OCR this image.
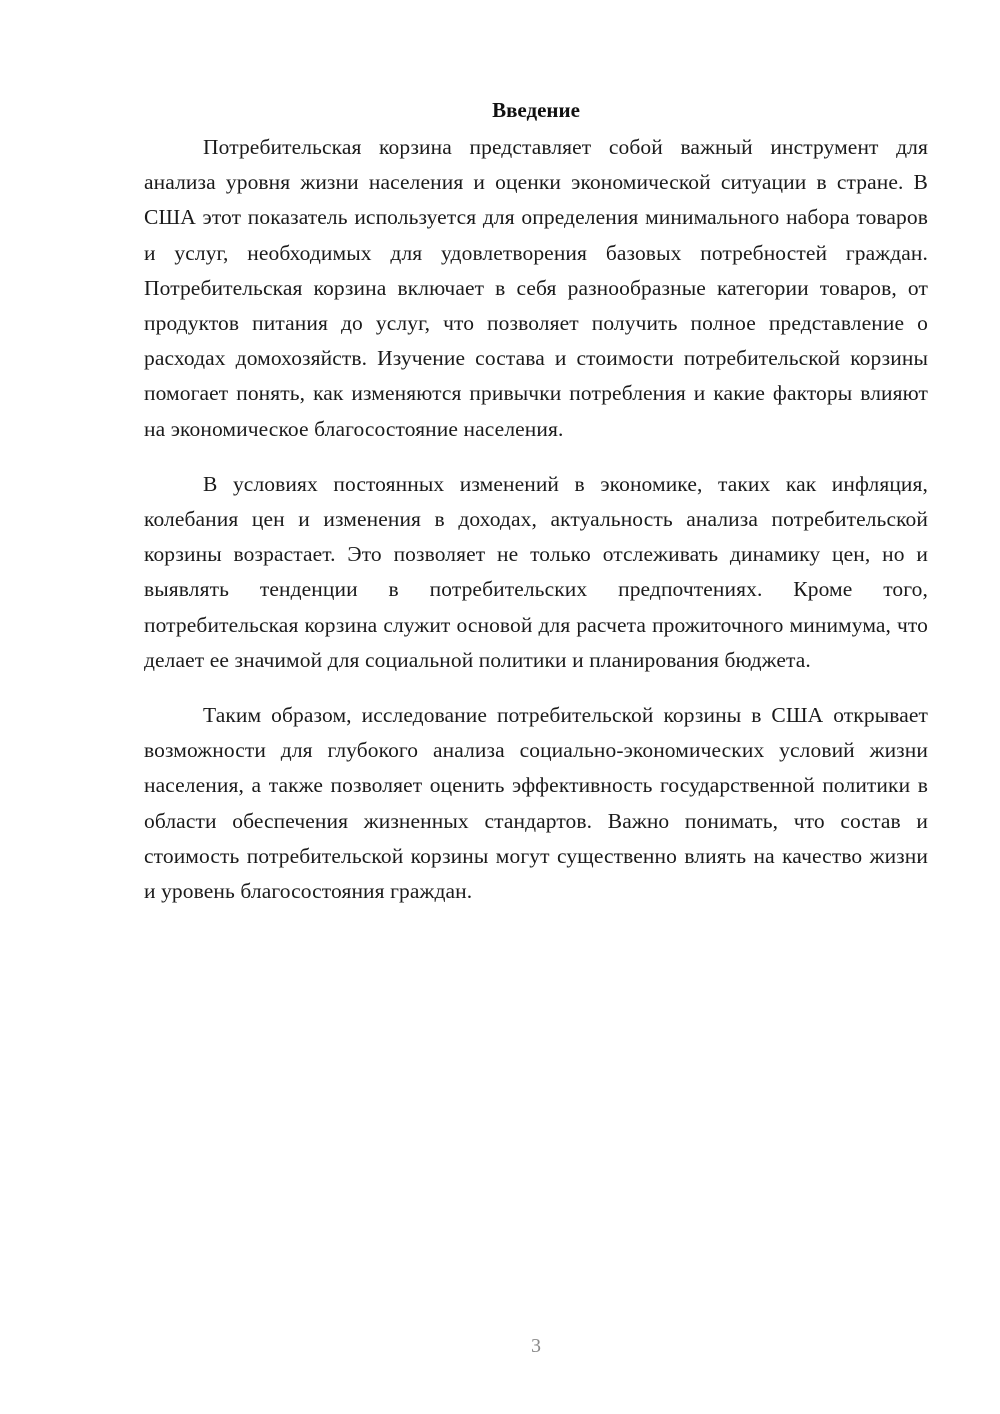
Введение

Потребительская корзина представляет собой важный инструмент для анализа уровня жизни населения и оценки экономической ситуации в стране. В США этот показатель используется для определения минимального набора товаров и услуг, необходимых для удовлетворения базовых потребностей граждан. Потребительская корзина включает в себя разнообразные категории товаров, от продуктов питания до услуг, что позволяет получить полное представление о расходах домохозяйств. Изучение состава и стоимости потребительской корзины помогает понять, как изменяются привычки потребления и какие факторы влияют на экономическое благосостояние населения.

В условиях постоянных изменений в экономике, таких как инфляция, колебания цен и изменения в доходах, актуальность анализа потребительской корзины возрастает. Это позволяет не только отслеживать динамику цен, но и выявлять тенденции в потребительских предпочтениях. Кроме того, потребительская корзина служит основой для расчета прожиточного минимума, что делает ее значимой для социальной политики и планирования бюджета.

Таким образом, исследование потребительской корзины в США открывает возможности для глубокого анализа социально-экономических условий жизни населения, а также позволяет оценить эффективность государственной политики в области обеспечения жизненных стандартов. Важно понимать, что состав и стоимость потребительской корзины могут существенно влиять на качество жизни и уровень благосостояния граждан.

3
